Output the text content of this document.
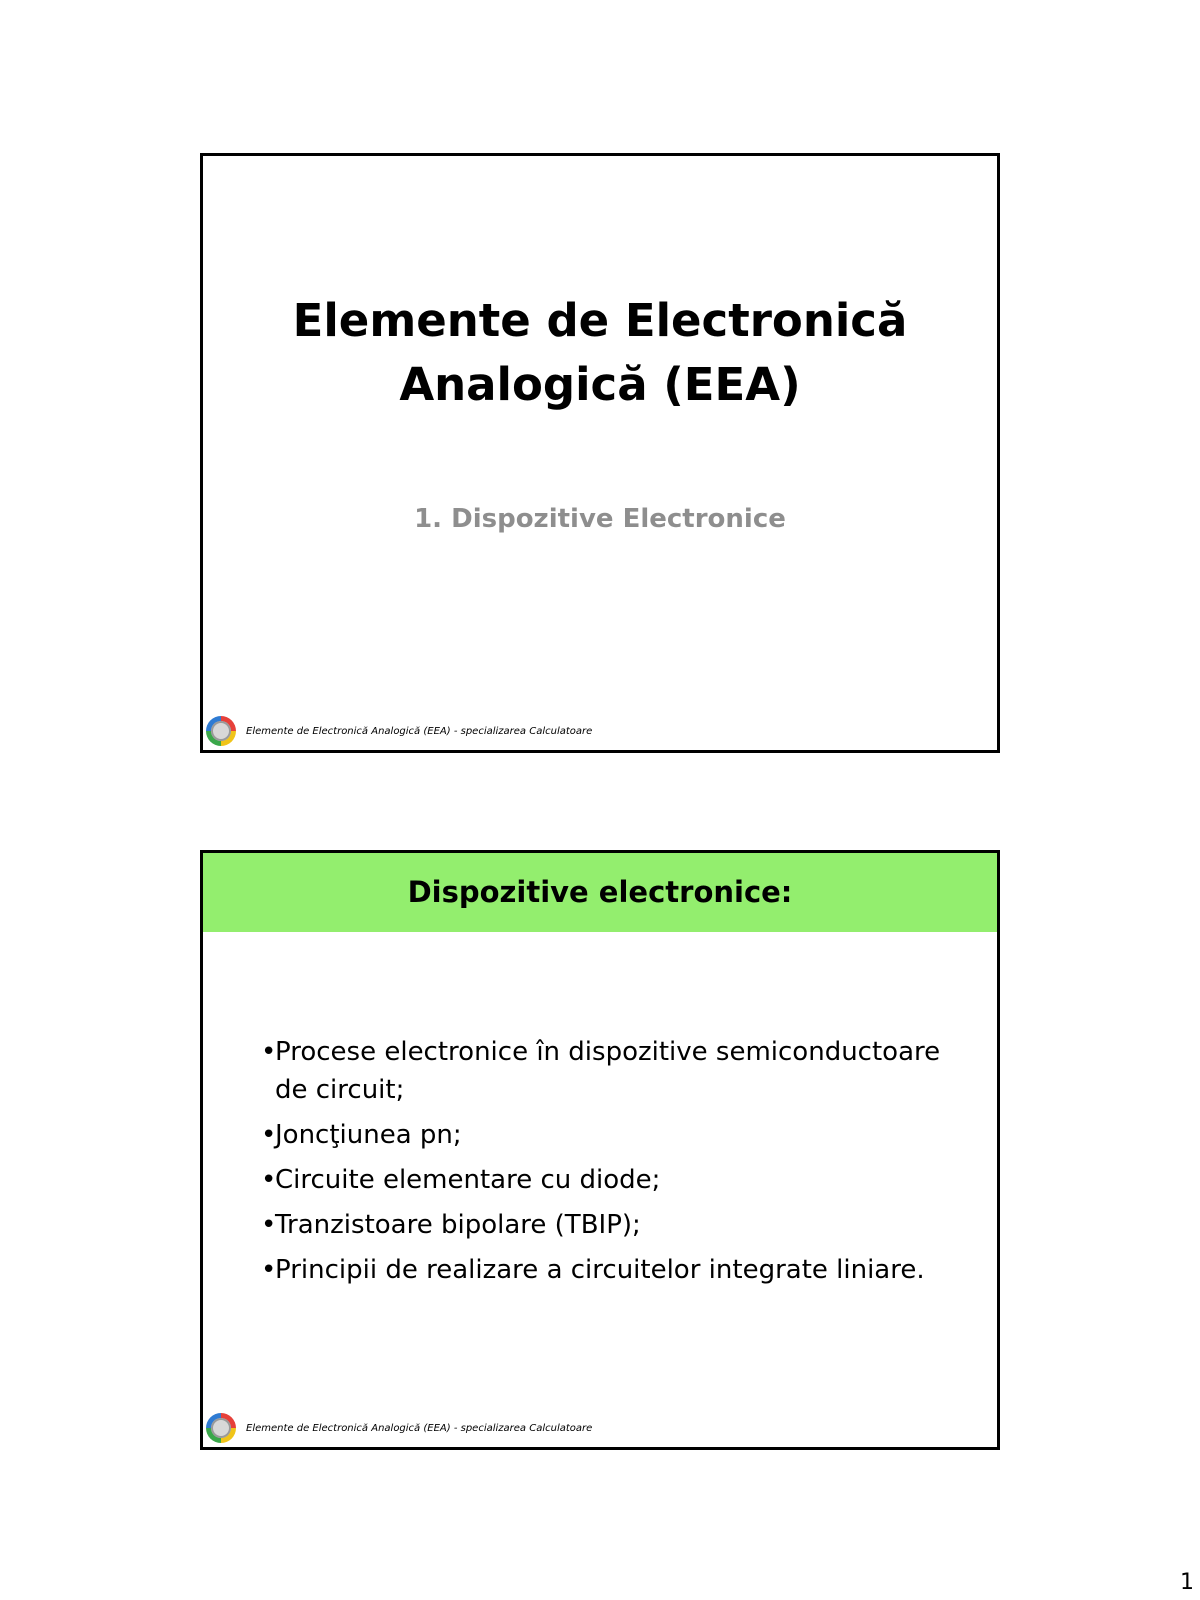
Elemente de Electronică
Analogică (EEA)

1. Dispozitive Electronice

Elemente de Electronică Analogică (EEA) - specializarea Calculatoare
Dispozitive electronice:
• Procese electronice în dispozitive semiconductoare de circuit;
• Joncţiunea pn;
• Circuite elementare cu diode;
• Tranzistoare bipolare (TBIP);
• Principii de realizare a circuitelor integrate liniare.
Elemente de Electronică Analogică (EEA) - specializarea Calculatoare
1
